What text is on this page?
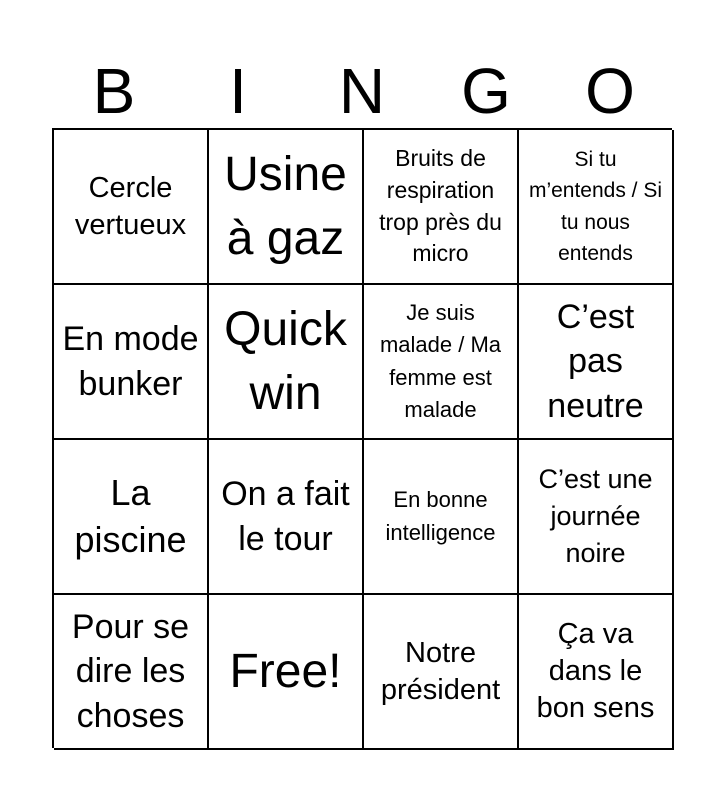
B	I	N	G	O
Cercle vertueux
Usine à gaz
Bruits de respiration trop près du micro
Si tu m’entends / Si tu nous entends
En mode bunker
Quick win
Je suis malade / Ma femme est malade
C’est pas neutre
La piscine
On a fait le tour
En bonne intelligence
C’est une journée noire
Pour se dire les choses
Free!	Notre président
Ça va dans le bon sens
